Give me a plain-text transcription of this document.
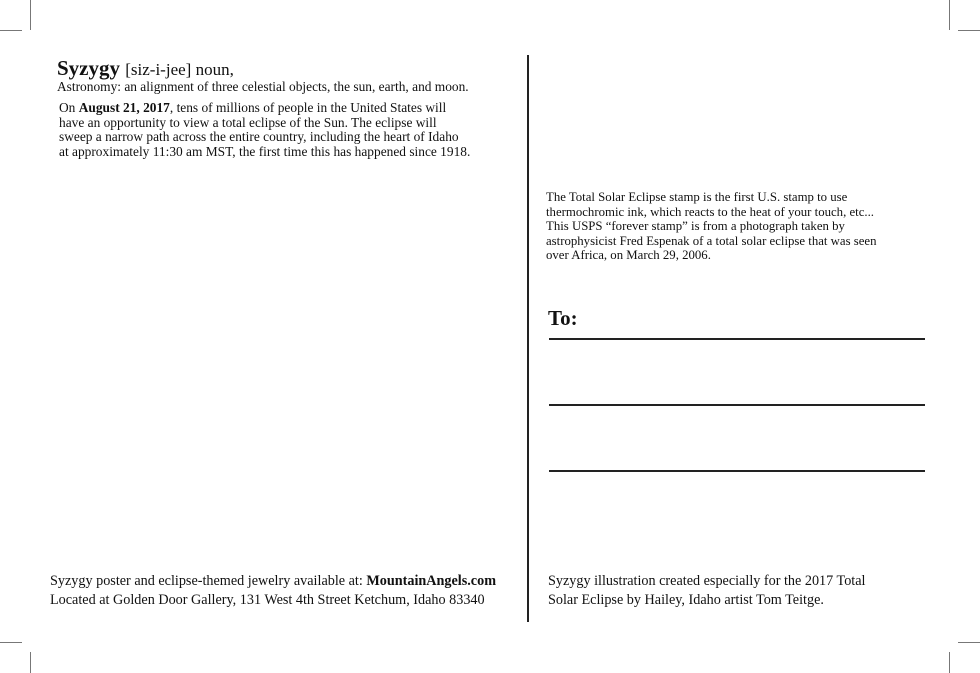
Syzygy [siz-i-jee] noun,
Astronomy: an alignment of three celestial objects, the sun, earth, and moon.
On August 21, 2017, tens of millions of people in the United States will
have an opportunity to view a total eclipse of the Sun. The eclipse will
sweep a narrow path across the entire country, including the heart of Idaho
at approximately 11:30 am MST, the first time this has happened since 1918.
The Total Solar Eclipse stamp is the first U.S. stamp to use
thermochromic ink, which reacts to the heat of your touch, etc...
This USPS “forever stamp” is from a photograph taken by
astrophysicist Fred Espenak of a total solar eclipse that was seen
over Africa, on March 29, 2006.
To:
Syzygy poster and eclipse-themed jewelry available at: MountainAngels.com
Located at Golden Door Gallery, 131 West 4th Street Ketchum, Idaho 83340
Syzygy illustration created especially for the 2017 Total
Solar Eclipse by Hailey, Idaho artist Tom Teitge.
